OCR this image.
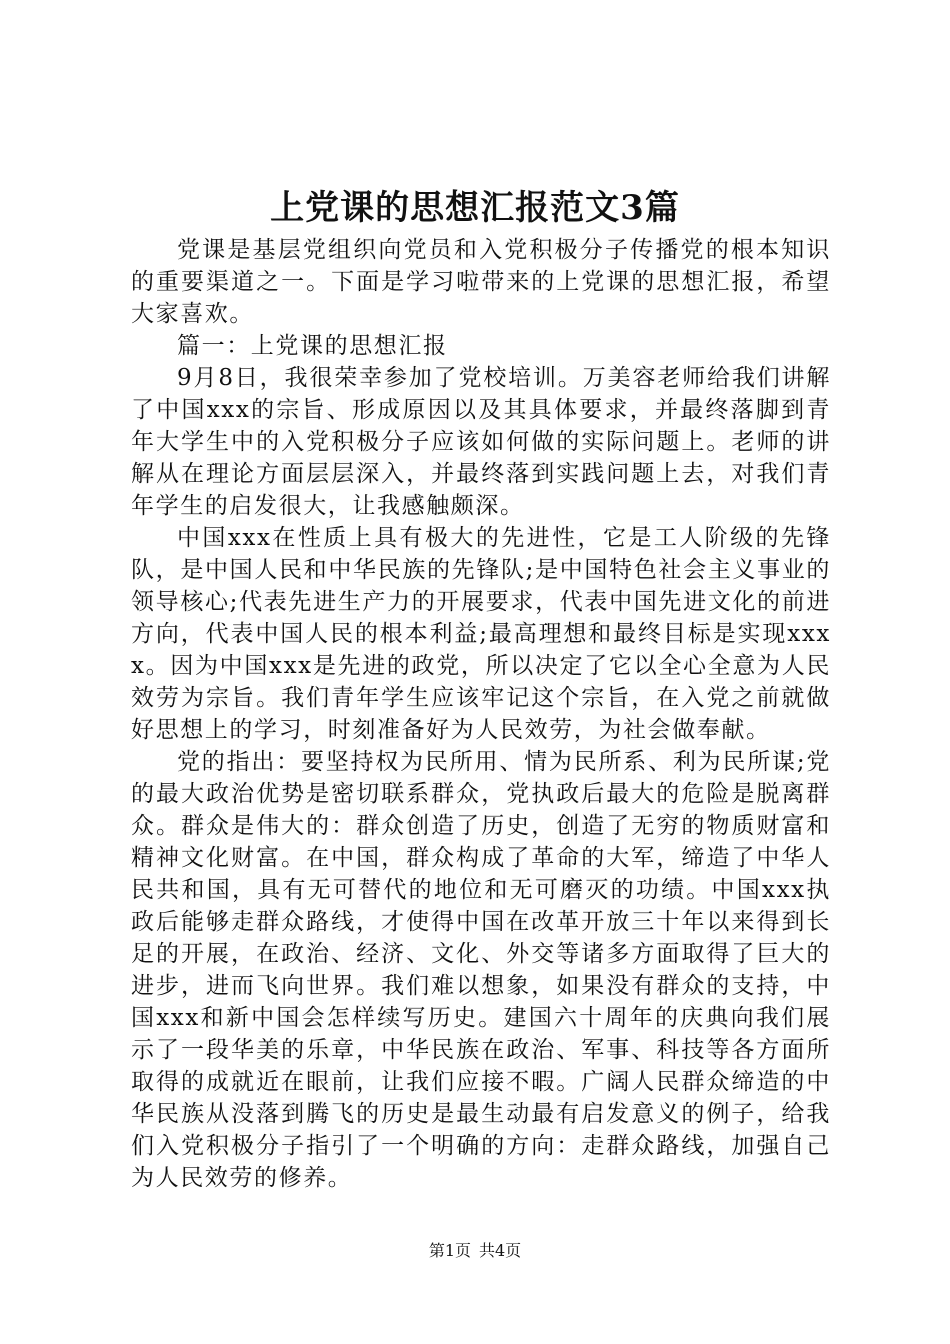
上党课的思想汇报范文3篇

党课是基层党组织向党员和入党积极分子传播党的根本知识的重要渠道之一。下面是学习啦带来的上党课的思想汇报，希望大家喜欢。

篇一：上党课的思想汇报

9月8日，我很荣幸参加了党校培训。万美容老师给我们讲解了中国xxx的宗旨、形成原因以及其具体要求，并最终落脚到青年大学生中的入党积极分子应该如何做的实际问题上。老师的讲解从在理论方面层层深入，并最终落到实践问题上去，对我们青年学生的启发很大，让我感触颇深。

中国xxx在性质上具有极大的先进性，它是工人阶级的先锋队，是中国人民和中华民族的先锋队;是中国特色社会主义事业的领导核心;代表先进生产力的开展要求，代表中国先进文化的前进方向，代表中国人民的根本利益;最高理想和最终目标是实现xxxx。因为中国xxx是先进的政党，所以决定了它以全心全意为人民效劳为宗旨。我们青年学生应该牢记这个宗旨，在入党之前就做好思想上的学习，时刻准备好为人民效劳，为社会做奉献。

党的指出：要坚持权为民所用、情为民所系、利为民所谋;党的最大政治优势是密切联系群众，党执政后最大的危险是脱离群众。群众是伟大的：群众创造了历史，创造了无穷的物质财富和精神文化财富。在中国，群众构成了革命的大军，缔造了中华人民共和国，具有无可替代的地位和无可磨灭的功绩。中国xxx执政后能够走群众路线，才使得中国在改革开放三十年以来得到长足的开展，在政治、经济、文化、外交等诸多方面取得了巨大的进步，进而飞向世界。我们难以想象，如果没有群众的支持，中国xxx和新中国会怎样续写历史。建国六十周年的庆典向我们展示了一段华美的乐章，中华民族在政治、军事、科技等各方面所取得的成就近在眼前，让我们应接不暇。广阔人民群众缔造的中华民族从没落到腾飞的历史是最生动最有启发意义的例子，给我们入党积极分子指引了一个明确的方向：走群众路线，加强自己为人民效劳的修养。

第1页 共4页
